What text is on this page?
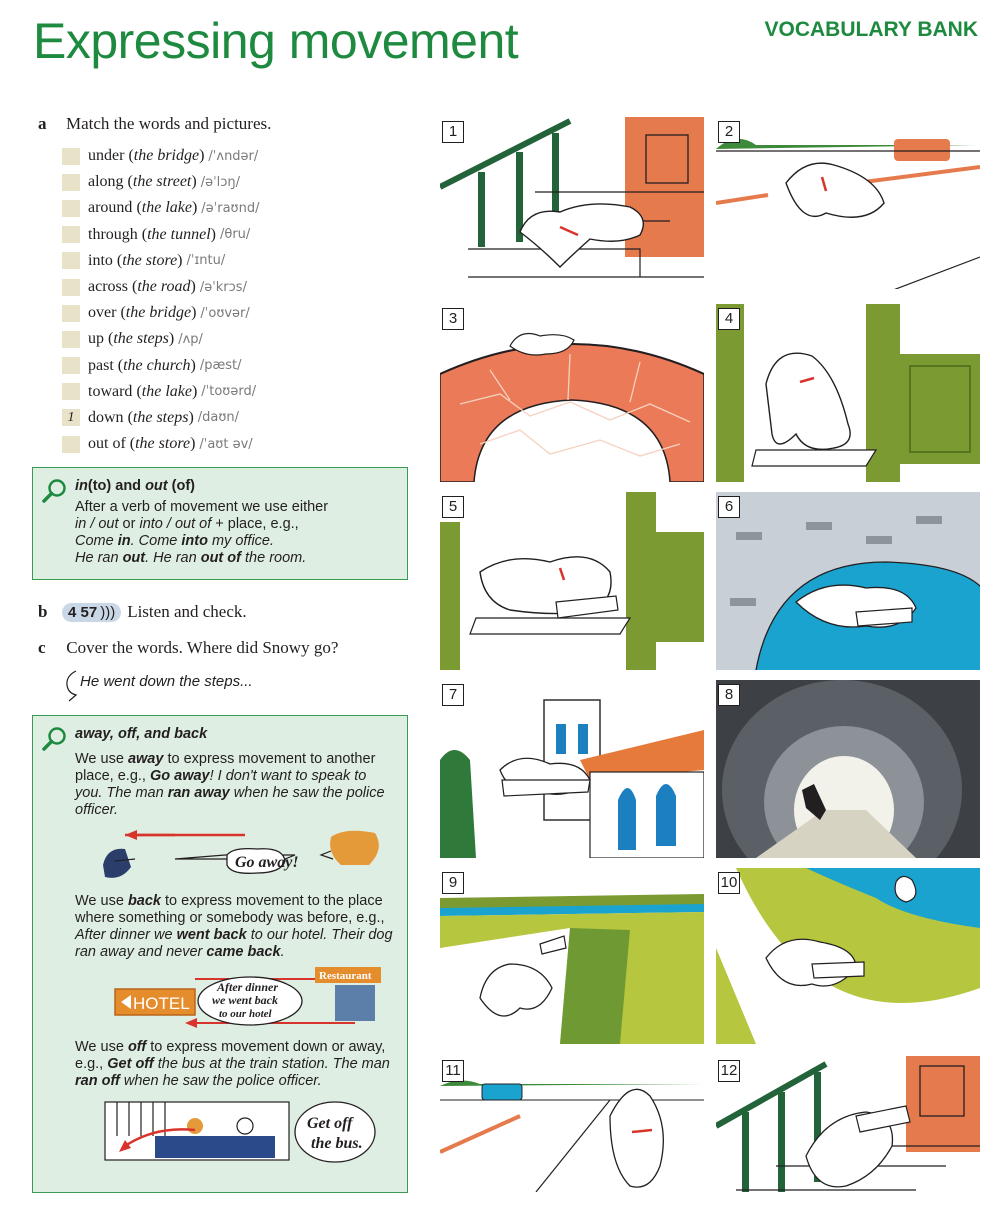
Expressing movement	VOCABULARY BANK
a Match the words and pictures.
under ( the bridge ) /ˈʌndər/
along ( the street ) /əˈlɔŋ/
around ( the lake ) /əˈraʊnd/
through ( the tunnel ) /θru/
into ( the store ) /ˈɪntu/
across ( the road ) /əˈkrɔs/
over ( the bridge ) /ˈoʊvər/
up ( the steps ) /ʌp/
past ( the church ) /pæst/
toward ( the lake ) /ˈtoʊərd/
1 down ( the steps ) /daʊn/
out of ( the store ) /ˈaʊt əv/
in(to) and out (of)
After a verb of movement we use either
in / out or into / out of + place, e.g.,
Come in. Come into my office.
He ran out. He ran out of the room.
b	4 57 ))) Listen and check.
c Cover the words. Where did Snowy go?
He went down the steps...
away, off, and back
We use away to express movement to another place, e.g., Go away! I don't want to speak to you. The man ran away when he saw the police officer.
Go away!
We use back to express movement to the place where something or somebody was before, e.g., After dinner we went back to our hotel. Their dog ran away and never came back.
HOTEL
After dinner
we went back
to our hotel
Restaurant
We use off to express movement down or away, e.g., Get off the bus at the train station. The man ran off when he saw the police officer.
Get off
the bus.
1	2
3	4
5	6
7	8
9	10
11	12
